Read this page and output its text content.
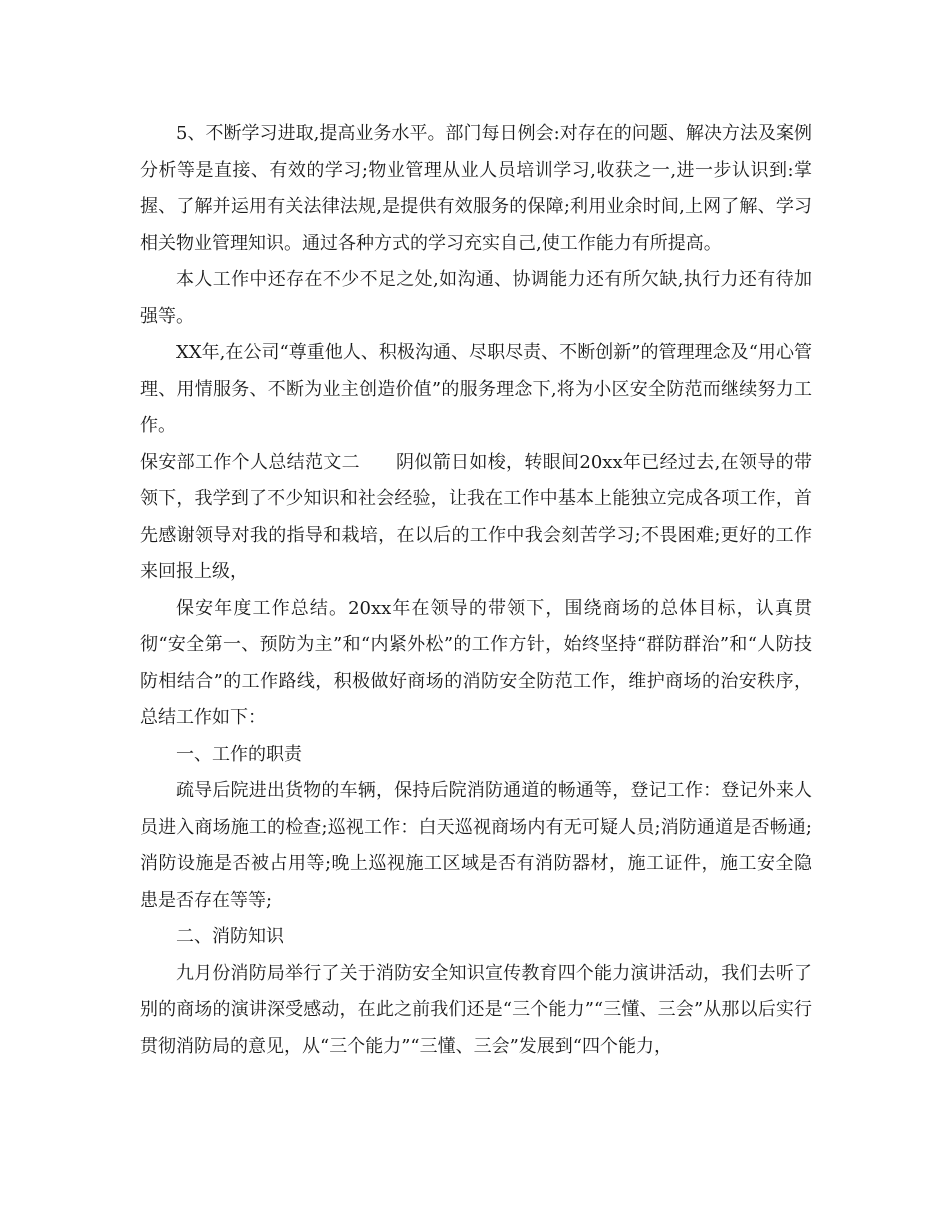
5、不断学习进取,提高业务水平。部门每日例会:对存在的问题、解决方法及案例分析等是直接、有效的学习;物业管理从业人员培训学习,收获之一,进一步认识到:掌握、了解并运用有关法律法规,是提供有效服务的保障;利用业余时间,上网了解、学习相关物业管理知识。通过各种方式的学习充实自己,使工作能力有所提高。

本人工作中还存在不少不足之处,如沟通、协调能力还有所欠缺,执行力还有待加强等。

XX年,在公司“尊重他人、积极沟通、尽职尽责、不断创新”的管理理念及“用心管理、用情服务、不断为业主创造价值”的服务理念下,将为小区安全防范而继续努力工作。

保安部工作个人总结范文二 阴似箭日如梭，转眼间20xx年已经过去,在领导的带领下，我学到了不少知识和社会经验，让我在工作中基本上能独立完成各项工作，首先感谢领导对我的指导和栽培，在以后的工作中我会刻苦学习;不畏困难;更好的工作来回报上级，

保安年度工作总结。20xx年在领导的带领下，围绕商场的总体目标，认真贯彻“安全第一、预防为主”和“内紧外松”的工作方针，始终坚持“群防群治”和“人防技防相结合”的工作路线，积极做好商场的消防安全防范工作，维护商场的治安秩序，总结工作如下：

一、工作的职责

疏导后院进出货物的车辆，保持后院消防通道的畅通等，登记工作：登记外来人员进入商场施工的检查;巡视工作：白天巡视商场内有无可疑人员;消防通道是否畅通;消防设施是否被占用等;晚上巡视施工区域是否有消防器材，施工证件，施工安全隐患是否存在等等;

二、消防知识

九月份消防局举行了关于消防安全知识宣传教育四个能力演讲活动，我们去听了别的商场的演讲深受感动，在此之前我们还是“三个能力”“三懂、三会”从那以后实行贯彻消防局的意见，从“三个能力”“三懂、三会”发展到“四个能力，
